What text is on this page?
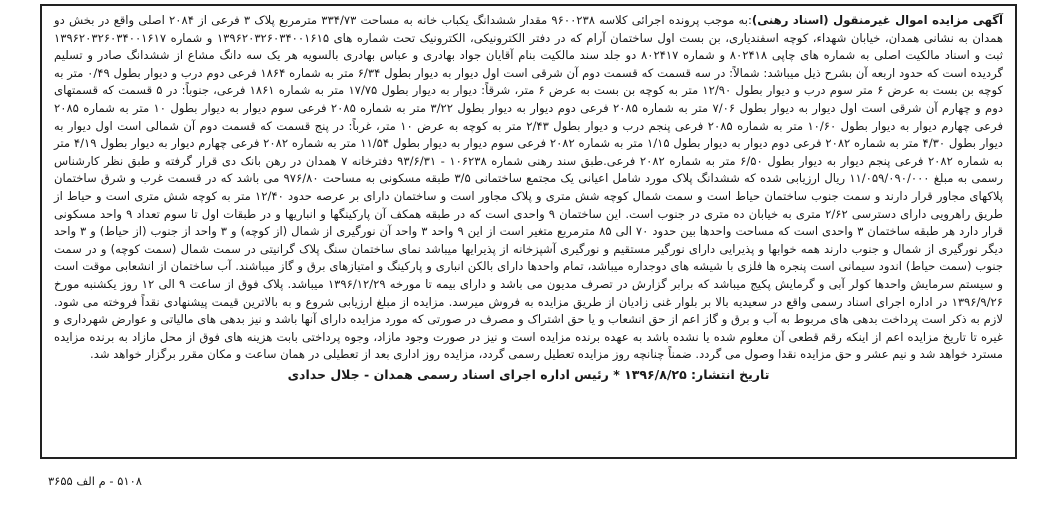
آگهی مزایده اموال غیرمنقول (اسناد رهنی):به موجب پرونده اجرائی کلاسه ۹۶۰۰۲۳۸ مقدار ششدانگ یکباب خانه به مساحت ۳۳۴/۷۳ مترمربع پلاک ۳ فرعی از ۲۰۸۴ اصلی واقع در بخش دو همدان به نشانی همدان، خیابان شهداء، کوچه اسفندیاری، بن بست اول ساختمان آرام که در دفتر الکترونیکی، الکترونیک تحت شماره های ۱۳۹۶۲۰۳۲۶۰۳۴۰۰۱۶۱۵ و شماره ۱۳۹۶۲۰۳۲۶۰۳۴۰۰۱۶۱۷ ثبت و اسناد مالکیت اصلی به شماره های چاپی ۸۰۲۴۱۸ و شماره ۸۰۲۴۱۷ دو جلد سند مالکیت بنام آقایان جواد بهادری و عباس بهادری بالسویه هر یک سه دانگ مشاع از ششدانگ صادر و تسلیم گردیده است که حدود اربعه آن بشرح ذیل میباشد: شمالاً: در سه قسمت که قسمت دوم آن شرقی است اول دیوار به دیوار بطول ۶/۳۴ متر به شماره ۱۸۶۴ فرعی دوم درب و دیوار بطول ۰/۴۹ متر به کوچه بن بست به عرض ۶ متر سوم درب و دیوار بطول ۱۲/۹۰ متر به کوچه بن بست به عرض ۶ متر، شرقاً: دیوار به دیوار بطول ۱۷/۷۵ متر به شماره ۱۸۶۱ فرعی، جنوباً: در ۵ قسمت که قسمتهای دوم و چهارم آن شرقی است اول دیوار به دیوار بطول ۷/۰۶ متر به شماره ۲۰۸۵ فرعی دوم دیوار به دیوار بطول ۳/۲۲ متر به شماره ۲۰۸۵ فرعی سوم دیوار به دیوار بطول ۱۰ متر به شماره ۲۰۸۵ فرعی چهارم دیوار به دیوار بطول ۱۰/۶۰ متر به شماره ۲۰۸۵ فرعی پنجم درب و دیوار بطول ۲/۴۳ متر به کوچه به عرض ۱۰ متر، غرباً: در پنج قسمت که قسمت دوم آن شمالی است اول دیوار به دیوار بطول ۴/۳۰ متر به شماره ۲۰۸۲ فرعی دوم دیوار به دیوار بطول ۱/۱۵ متر به شماره ۲۰۸۲ فرعی سوم دیوار به دیوار بطول ۱۱/۵۴ متر به شماره ۲۰۸۲ فرعی چهارم دیوار به دیوار بطول ۴/۱۹ متر به شماره ۲۰۸۲ فرعی پنجم دیوار به دیوار بطول ۶/۵۰ متر به شماره ۲۰۸۲ فرعی.طبق سند رهنی شماره ۱۰۶۲۳۸ - ۹۳/۶/۳۱ دفترخانه ۷ همدان در رهن بانک دی قرار گرفته و طبق نظر کارشناس رسمی به مبلغ ۱۱/۰۵۹/۰۹۰/۰۰۰ ریال ارزیابی شده که ششدانگ پلاک مورد شامل اعیانی یک مجتمع ساختمانی ۳/۵ طبقه مسکونی به مساحت ۹۷۶/۸۰ می باشد که در قسمت غرب و شرق ساختمان پلاکهای مجاور قرار دارند و سمت جنوب ساختمان حیاط است و سمت شمال کوچه شش متری و پلاک مجاور است و ساختمان دارای بر عرصه حدود ۱۲/۴۰ متر به کوچه شش متری است و حیاط از طریق راهرویی دارای دسترسی ۲/۶۲ متری به خیابان ده متری در جنوب است. این ساختمان ۹ واحدی است که در طبقه همکف آن پارکینگها و انباریها و در طبقات اول تا سوم تعداد ۹ واحد مسکونی قرار دارد هر طبقه ساختمان ۳ واحدی است که مساحت واحدها بین حدود ۷۰ الی ۸۵ مترمربع متغیر است از این ۹ واحد ۳ واحد آن نورگیری از شمال (از کوچه) و ۳ واحد از جنوب (از حیاط) و ۳ واحد دیگر نورگیری از شمال و جنوب دارند همه خوابها و پذیرایی دارای نورگیر مستقیم و نورگیری آشپزخانه از پذیرایها میباشد نمای ساختمان سنگ پلاک گرانیتی در سمت شمال (سمت کوچه) و در سمت جنوب (سمت حیاط) اندود سیمانی است پنجره ها فلزی با شیشه های دوجداره میباشد، تمام واحدها دارای بالکن انباری و پارکینگ و امتیازهای برق و گاز میباشند. آب ساختمان از انشعابی موقت است و سیستم سرمایش واحدها کولر آبی و گرمایش پکیج میباشد که برابر گزارش در تصرف مدیون می باشد و دارای بیمه تا مورخه ۱۳۹۶/۱۲/۲۹ میباشد. پلاک فوق از ساعت ۹ الی ۱۲ روز یکشنبه مورخ ۱۳۹۶/۹/۲۶ در اداره اجرای اسناد رسمی واقع در سعیدیه بالا بر بلوار غنی زادیان از طریق مزایده به فروش میرسد. مزایده از مبلغ ارزیابی شروع و به بالاترین قیمت پیشنهادی نقداً فروخته می شود. لازم به ذکر است پرداخت بدهی های مربوط به آب و برق و گاز اعم از حق انشعاب و یا حق اشتراک و مصرف در صورتی که مورد مزایده دارای آنها باشد و نیز بدهی های مالیاتی و عوارض شهرداری و غیره تا تاریخ مزایده اعم از اینکه رقم قطعی آن معلوم شده یا نشده باشد به عهده برنده مزایده است و نیز در صورت وجود مازاد، وجوه پرداختی بابت هزینه های فوق از محل مازاد به برنده مزایده مسترد خواهد شد و نیم عشر و حق مزایده نقدا وصول می گردد. ضمناً چنانچه روز مزایده تعطیل رسمی گردد، مزایده روز اداری بعد از تعطیلی در همان ساعت و مکان مقرر برگزار خواهد شد.

تاریخ انتشار: ۱۳۹۶/۸/۲۵ * رئیس اداره اجرای اسناد رسمی همدان - جلال حدادی
۵۱۰۸ - م الف ۳۶۵۵
